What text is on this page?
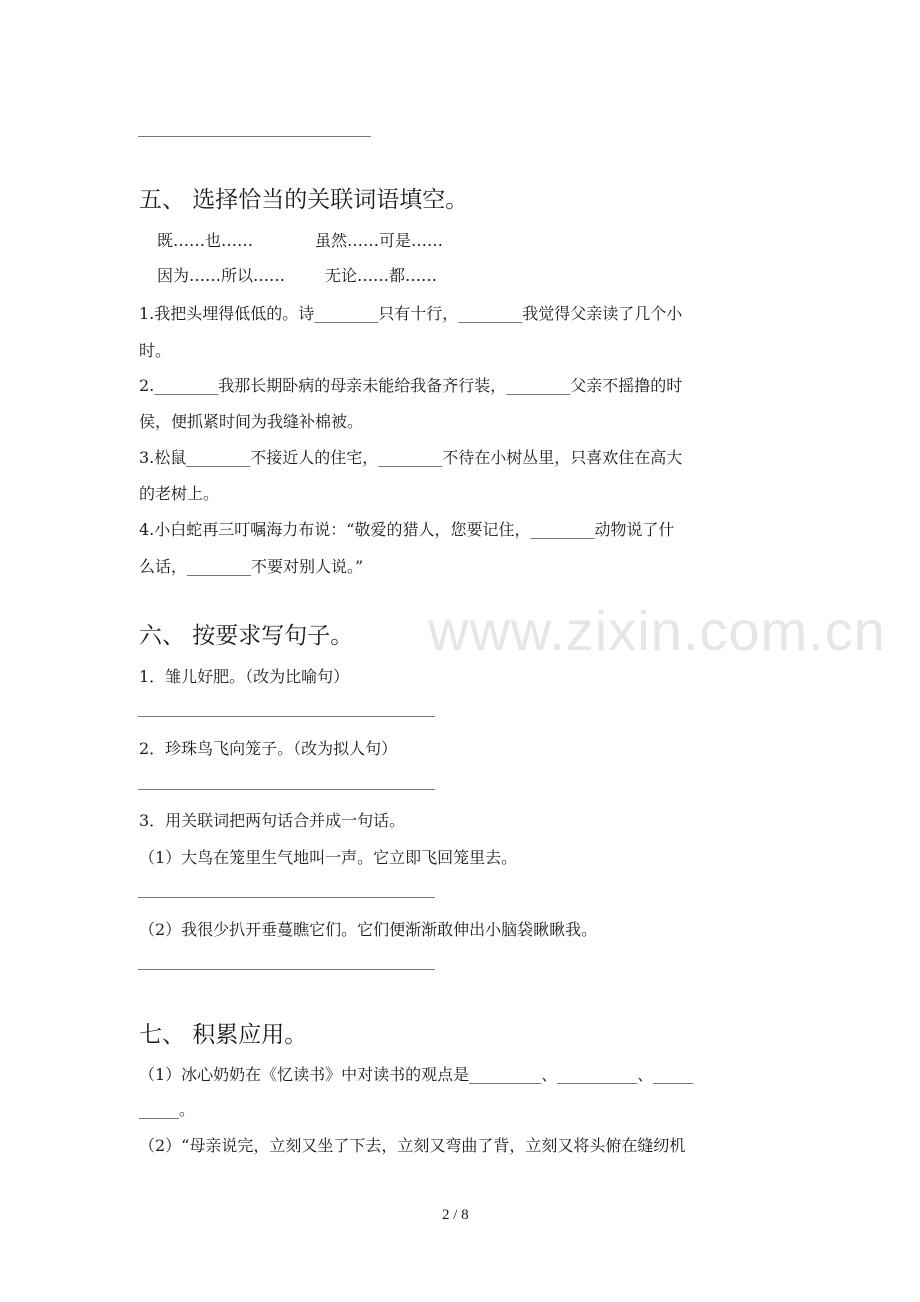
五、 选择恰当的关联词语填空。
既……也……	虽然……可是……
因为……所以…… 无论……都……
1.我把头埋得低低的。诗________只有十行，________我觉得父亲读了几个小
时。
2.________我那长期卧病的母亲未能给我备齐行装，________父亲不摇撸的时
侯，便抓紧时间为我缝补棉被。
3.松鼠________不接近人的住宅，________不待在小树丛里，只喜欢住在高大
的老树上。
4.小白蛇再三叮嘱海力布说：“敬爱的猎人，您要记住，________动物说了什
么话，________不要对别人说。”
www.zixin.com.cn
六、 按要求写句子。
1．雏儿好肥。（改为比喻句）
2．珍珠鸟飞向笼子。（改为拟人句）
3．用关联词把两句话合并成一句话。
（1）大鸟在笼里生气地叫一声。它立即飞回笼里去。
（2）我很少扒开垂蔓瞧它们。它们便渐渐敢伸出小脑袋瞅瞅我。
七、 积累应用。
（1）冰心奶奶在《忆读书》中对读书的观点是_________、__________、_____
_____。
（2）“母亲说完，立刻又坐了下去，立刻又弯曲了背，立刻又将头俯在缝纫机
2 / 8
